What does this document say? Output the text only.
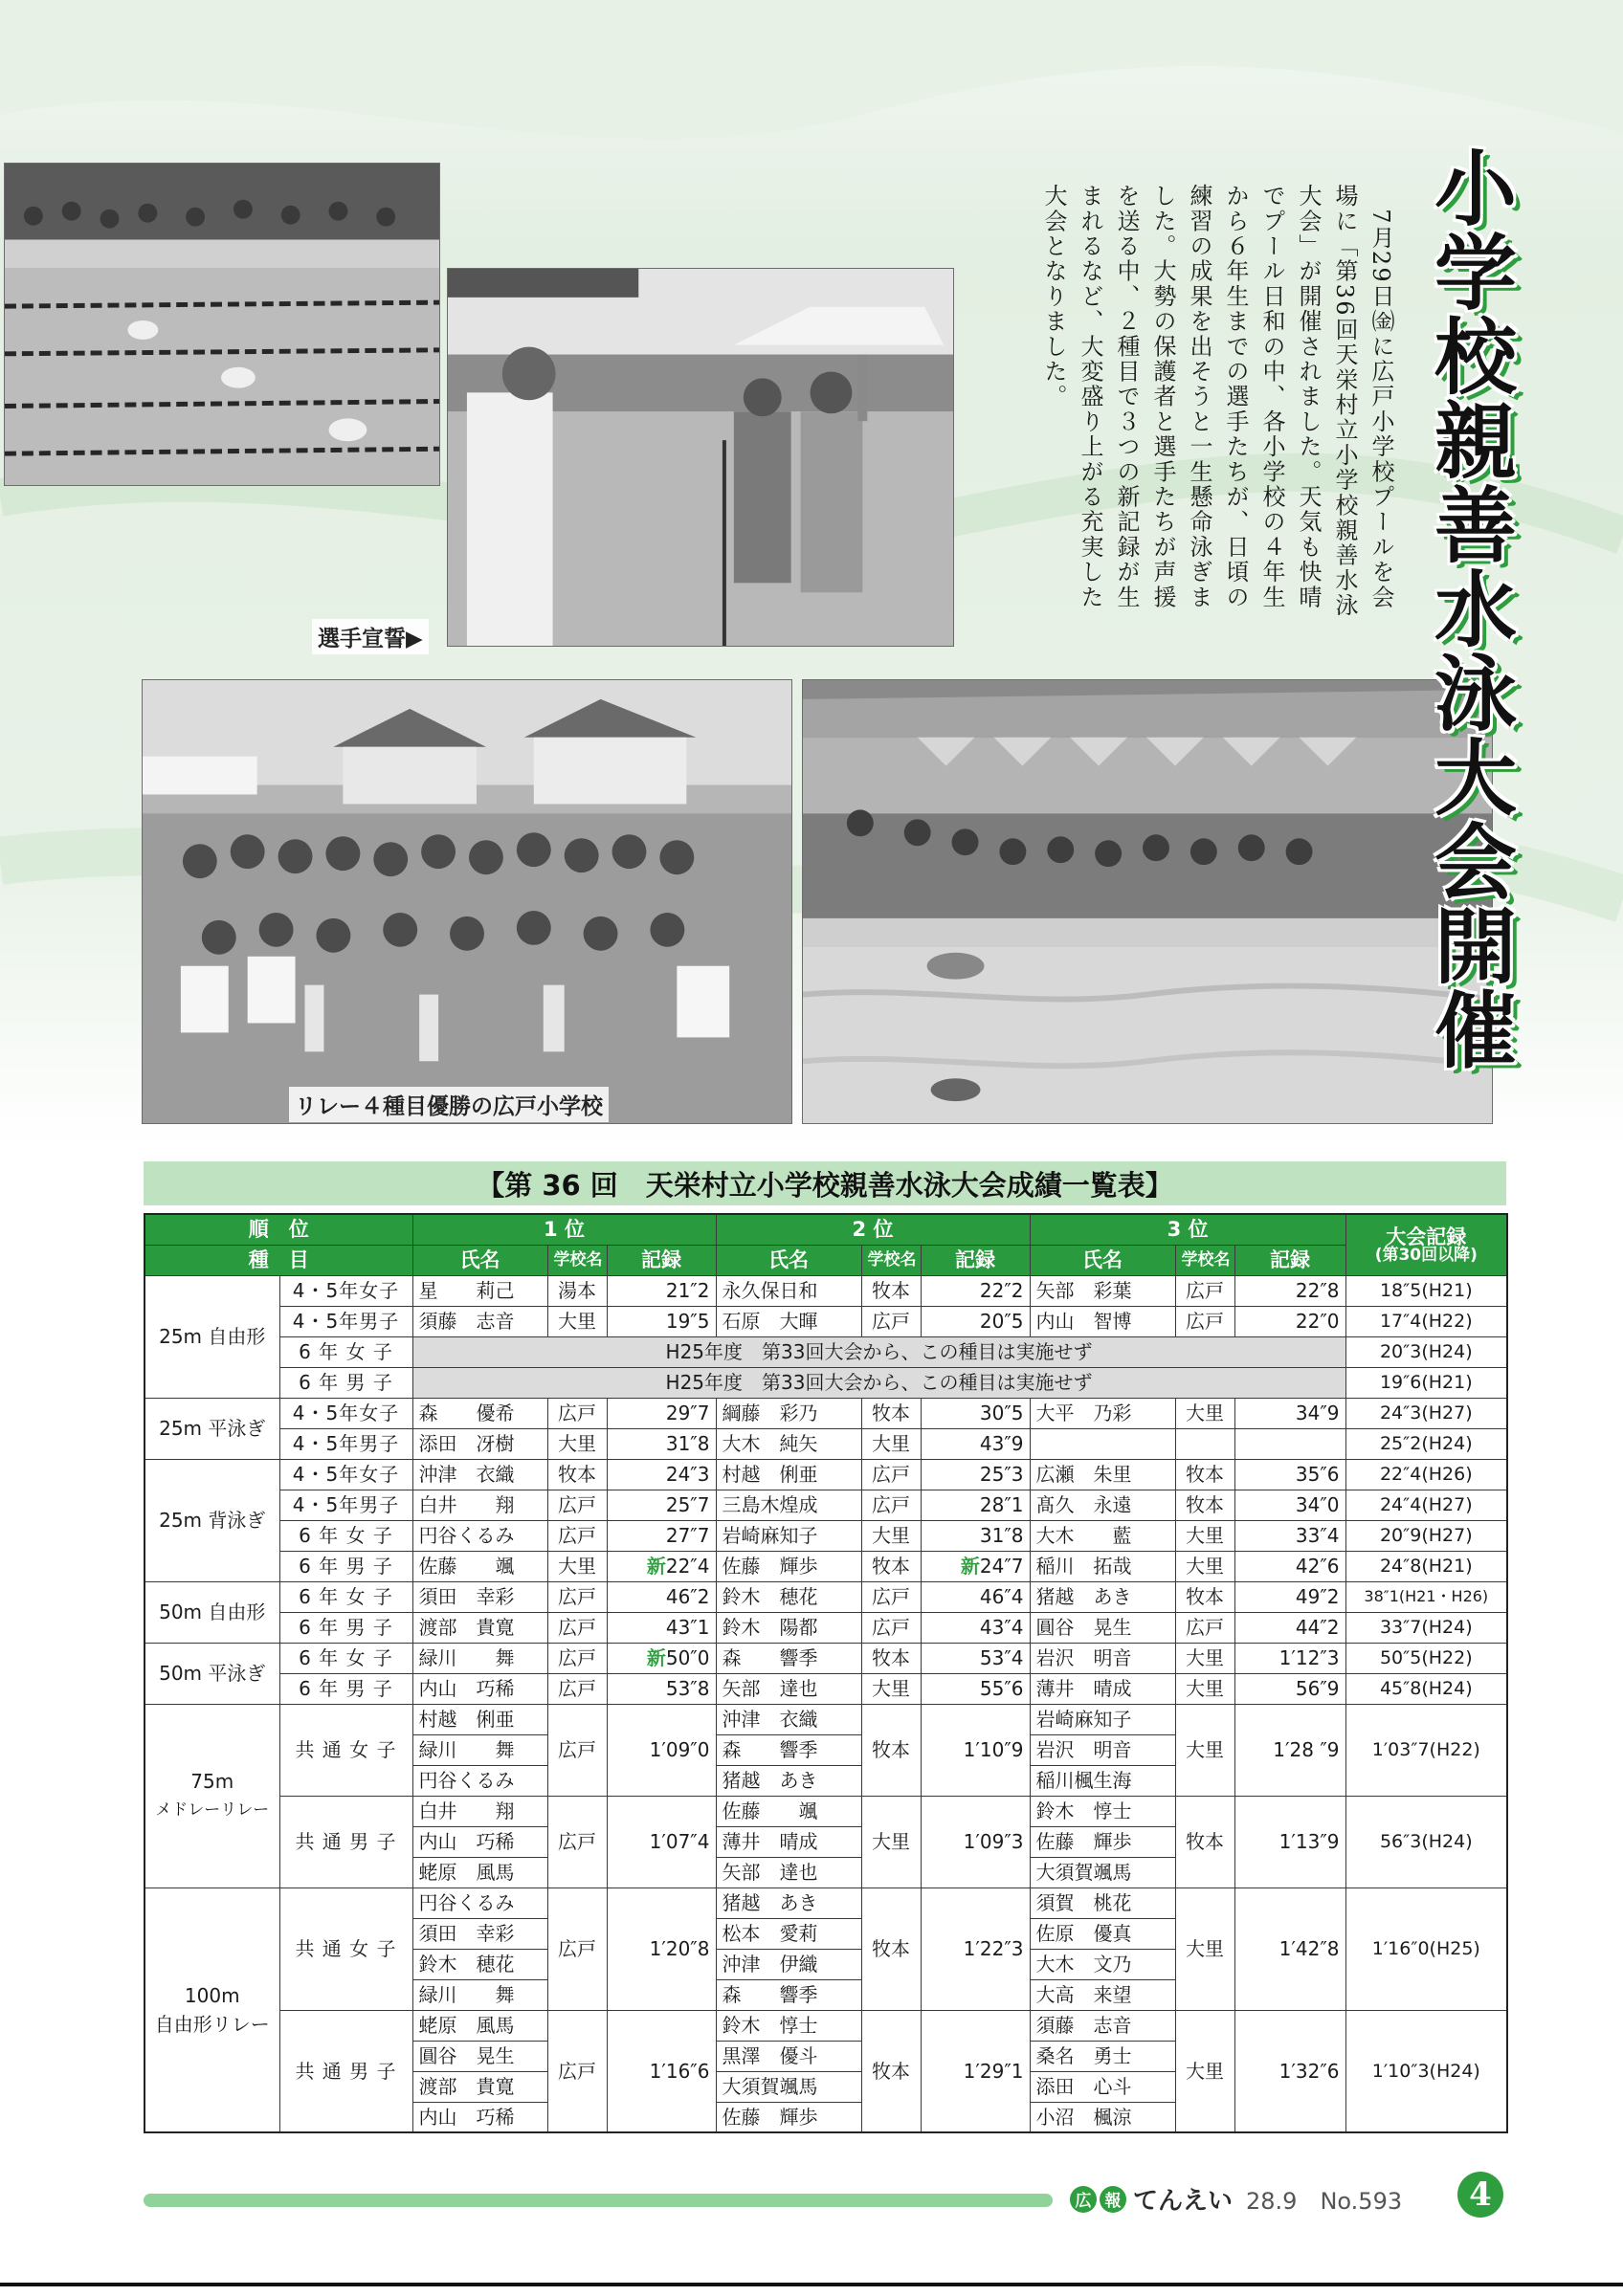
選手宣誓▶
リレー４種目優勝の広戸小学校
小学校親善水泳大会開催
　7月29日㈮に広戸小学校プールを会
場に「第36回天栄村立小学校親善水泳
大会」が開催されました。天気も快晴
でプール日和の中、各小学校の４年生
から６年生までの選手たちが、日頃の
練習の成果を出そうと一生懸命泳ぎま
した。大勢の保護者と選手たちが声援
を送る中、２種目で３つの新記録が生
まれるなど、大変盛り上がる充実した
大会となりました。
【第 36 回　天栄村立小学校親善水泳大会成績一覧表】
順　位		1 位			2 位			3 位			大会記録
(第30回以降)

種　目		氏名	学校名	記録	氏名	学校名	記録	氏名	学校名	記録	
25m 自由形	4・5年女子	星　　莉己	湯本	21″2	永久保日和	牧本	22″2	矢部　彩葉	広戸	22″8	18″5(H21)
	4・5年男子	須藤　志音	大里	19″5	石原　大暉	広戸	20″5	内山　智博	広戸	22″0	17″4(H22)
	6 年 女 子	H25年度　第33回大会から、この種目は実施せず									20″3(H24)
	6 年 男 子	H25年度　第33回大会から、この種目は実施せず									19″6(H21)
25m 平泳ぎ	4・5年女子	森　　優希	広戸	29″7	綱藤　彩乃	牧本	30″5	大平　乃彩	大里	34″9	24″3(H27)
	4・5年男子	添田　冴樹	大里	31″8	大木　純矢	大里	43″9				25″2(H24)
25m 背泳ぎ	4・5年女子	沖津　衣織	牧本	24″3	村越　俐亜	広戸	25″3	広瀬　朱里	牧本	35″6	22″4(H26)
	4・5年男子	白井　　翔	広戸	25″7	三島木煌成	広戸	28″1	髙久　永遠	牧本	34″0	24″4(H27)
	6 年 女 子	円谷くるみ	広戸	27″7	岩崎麻知子	大里	31″8	大木　　藍	大里	33″4	20″9(H27)
	6 年 男 子	佐藤　　颯	大里	新22″4	佐藤　輝歩	牧本	新24″7	稲川　拓哉	大里	42″6	24″8(H21)
50m 自由形	6 年 女 子	須田　幸彩	広戸	46″2	鈴木　穂花	広戸	46″4	猪越　あき	牧本	49″2	38″1(H21・H26)
	6 年 男 子	渡部　貴寛	広戸	43″1	鈴木　陽都	広戸	43″4	圓谷　晃生	広戸	44″2	33″7(H24)
50m 平泳ぎ	6 年 女 子	緑川　　舞	広戸	新50″0	森　　響季	牧本	53″4	岩沢　明音	大里	1′12″3	50″5(H22)
	6 年 男 子	内山　巧稀	広戸	53″8	矢部　達也	大里	55″6	薄井　晴成	大里	56″9	45″8(H24)

75m
メドレーリレー	共 通 女 子	村越　俐亜	広戸	1′09″0	沖津　衣織	牧本	1′10″9	岩崎麻知子	大里	1′28 ″9	1′03″7(H22)
		緑川　　舞			森　　響季			岩沢　明音			
		円谷くるみ			猪越　あき			稲川楓生海			
	共 通 男 子	白井　　翔	広戸	1′07″4	佐藤　　颯	大里	1′09″3	鈴木　惇士	牧本	1′13″9	56″3(H24)
		内山　巧稀			薄井　晴成			佐藤　輝歩			
		蛯原　風馬			矢部　達也			大須賀颯馬			

100m
自由形リレー	共 通 女 子	円谷くるみ	広戸	1′20″8	猪越　あき	牧本	1′22″3	須賀　桃花	大里	1′42″8	1′16″0(H25)
		須田　幸彩			松本　愛莉			佐原　優真			
		鈴木　穂花			沖津　伊織			大木　文乃			
		緑川　　舞			森　　響季			大高　来望			
	共 通 男 子	蛯原　風馬	広戸	1′16″6	鈴木　惇士	牧本	1′29″1	須藤　志音	大里	1′32″6	1′10″3(H24)
		圓谷　晃生			黒澤　優斗			桑名　勇士			
		渡部　貴寛			大須賀颯馬			添田　心斗			
		内山　巧稀			佐藤　輝歩			小沼　楓涼			
広 報 てんえい 28.9　No.593	4
